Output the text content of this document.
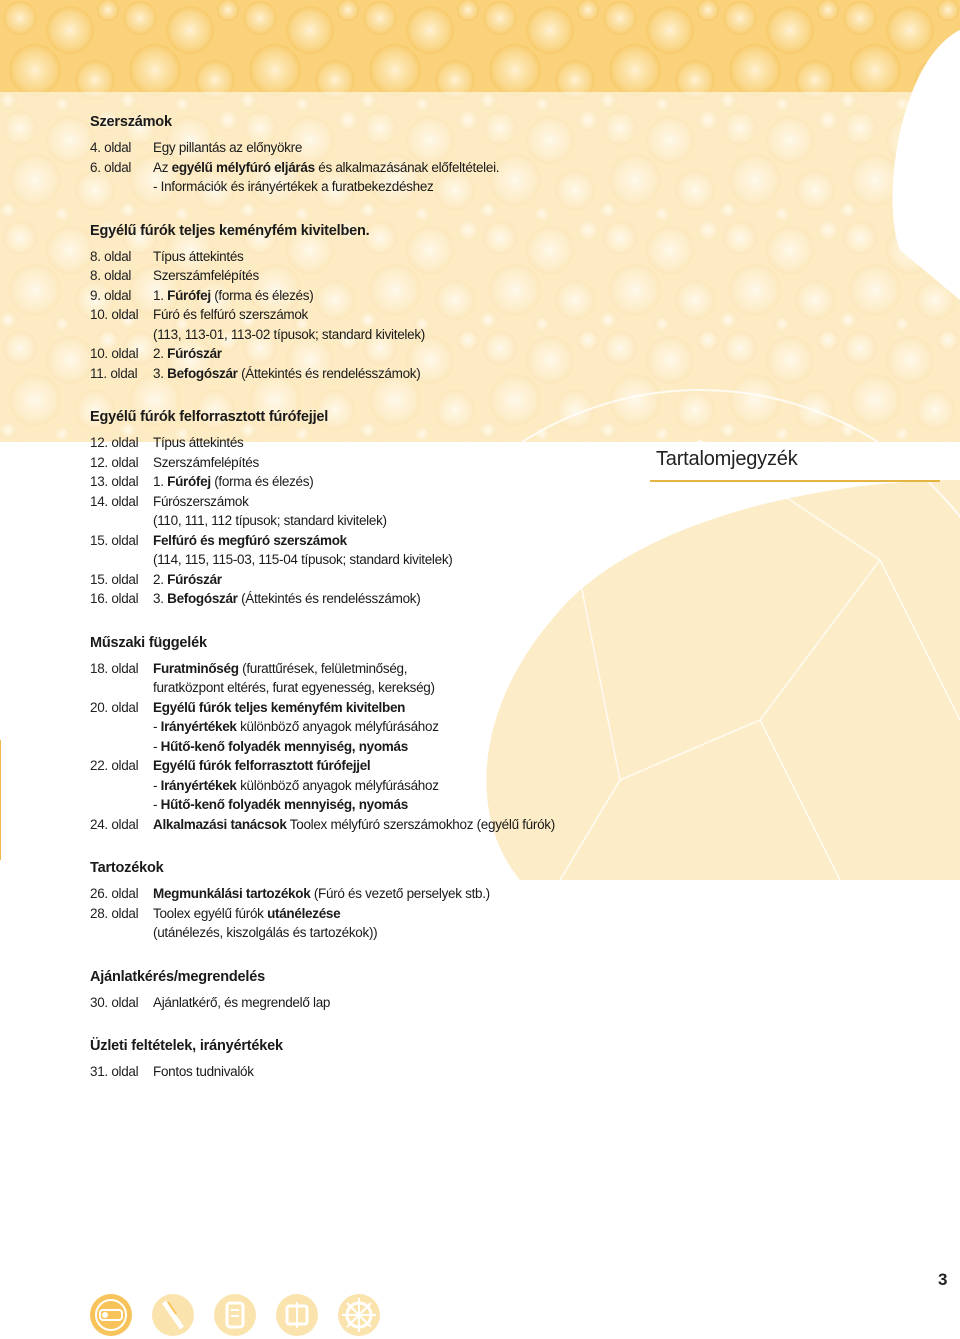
Tartalomjegyzék
Szerszámok
4. oldal	Egy pillantás az előnyökre
6. oldal	Az egyélű mélyfúró eljárás és alkalmazásának előfeltételei.
- Információk és irányértékek a furatbekezdéshez
Egyélű fúrók teljes keményfém kivitelben.
8. oldal	Típus áttekintés
8. oldal	Szerszámfelépítés
9. oldal	1. Fúrófej (forma és élezés)
10. oldal	Fúró és felfúró szerszámok
(113, 113-01, 113-02 típusok; standard kivitelek)
10. oldal	2. Fúrószár
11. oldal	3. Befogószár (Áttekintés és rendelésszámok)
Egyélű fúrók felforrasztott fúrófejjel
12. oldal	Típus áttekintés
12. oldal	Szerszámfelépítés
13. oldal	1. Fúrófej (forma és élezés)
14. oldal	Fúrószerszámok
(110, 111, 112 típusok; standard kivitelek)
15. oldal	Felfúró és megfúró szerszámok
(114, 115, 115-03, 115-04 típusok; standard kivitelek)
15. oldal	2. Fúrószár
16. oldal	3. Befogószár (Áttekintés és rendelésszámok)
Műszaki függelék
18. oldal	Furatminőség (furattűrések, felületminőség,
furatközpont eltérés, furat egyenesség, kerekség)
20. oldal	Egyélű fúrók teljes keményfém kivitelben
- Irányértékek különböző anyagok mélyfúrásához
- Hűtő-kenő folyadék mennyiség, nyomás
22. oldal	Egyélű fúrók felforrasztott fúrófejjel
- Irányértékek különböző anyagok mélyfúrásához
- Hűtő-kenő folyadék mennyiség, nyomás
24. oldal	Alkalmazási tanácsok Toolex mélyfúró szerszámokhoz (egyélű fúrók)
Tartozékok
26. oldal	Megmunkálási tartozékok (Fúró és vezető perselyek stb.)
28. oldal	Toolex egyélű fúrók utánélezése
(utánélezés, kiszolgálás és tartozékok))
Ajánlatkérés/megrendelés
30. oldal	Ajánlatkérő, és megrendelő lap
Üzleti feltételek, irányértékek
31. oldal	Fontos tudnivalók
3
